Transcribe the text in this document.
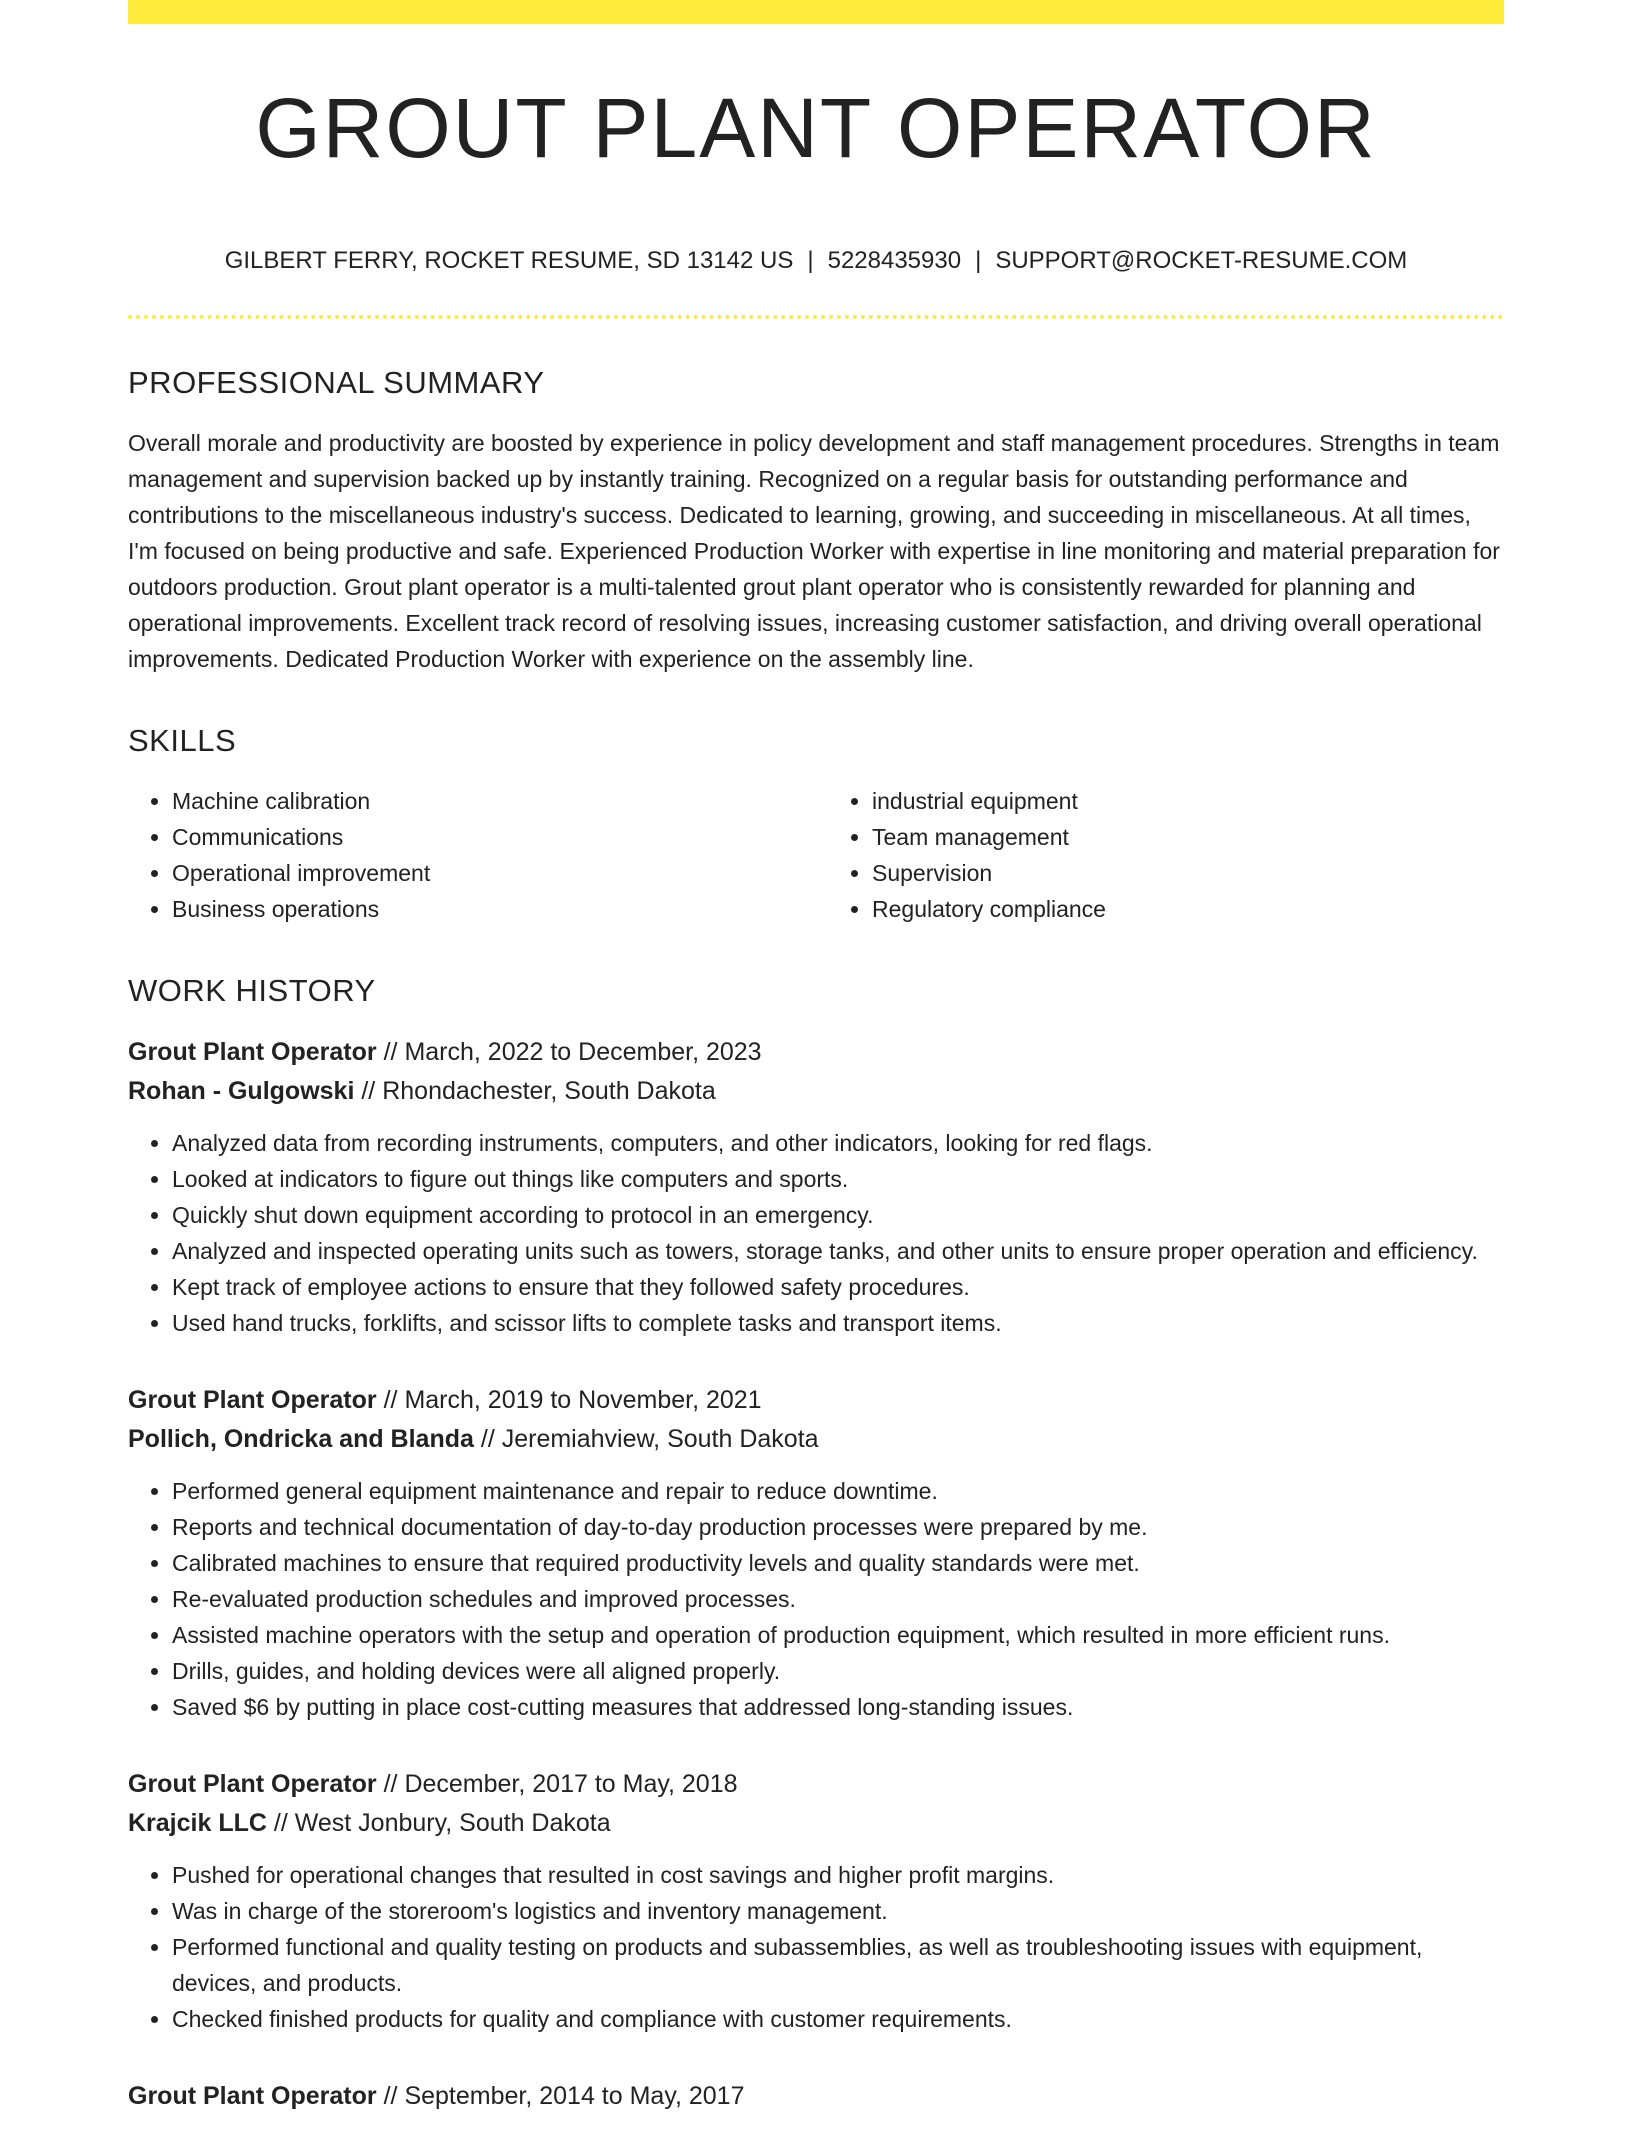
GROUT PLANT OPERATOR
GILBERT FERRY, ROCKET RESUME, SD 13142 US | 5228435930 | SUPPORT@ROCKET-RESUME.COM
PROFESSIONAL SUMMARY

Overall morale and productivity are boosted by experience in policy development and staff management procedures. Strengths in team management and supervision backed up by instantly training. Recognized on a regular basis for outstanding performance and contributions to the miscellaneous industry's success. Dedicated to learning, growing, and succeeding in miscellaneous. At all times, I'm focused on being productive and safe. Experienced Production Worker with expertise in line monitoring and material preparation for outdoors production. Grout plant operator is a multi-talented grout plant operator who is consistently rewarded for planning and operational improvements. Excellent track record of resolving issues, increasing customer satisfaction, and driving overall operational improvements. Dedicated Production Worker with experience on the assembly line.

SKILLS
• Machine calibration
• Communications
• Operational improvement
• Business operations
• industrial equipment
• Team management
• Supervision
• Regulatory compliance
WORK HISTORY
Grout Plant Operator // March, 2022 to December, 2023
Rohan - Gulgowski // Rhondachester, South Dakota
• Analyzed data from recording instruments, computers, and other indicators, looking for red flags.
• Looked at indicators to figure out things like computers and sports.
• Quickly shut down equipment according to protocol in an emergency.
• Analyzed and inspected operating units such as towers, storage tanks, and other units to ensure proper operation and efficiency.
• Kept track of employee actions to ensure that they followed safety procedures.
• Used hand trucks, forklifts, and scissor lifts to complete tasks and transport items.
Grout Plant Operator // March, 2019 to November, 2021
Pollich, Ondricka and Blanda // Jeremiahview, South Dakota
• Performed general equipment maintenance and repair to reduce downtime.
• Reports and technical documentation of day-to-day production processes were prepared by me.
• Calibrated machines to ensure that required productivity levels and quality standards were met.
• Re-evaluated production schedules and improved processes.
• Assisted machine operators with the setup and operation of production equipment, which resulted in more efficient runs.
• Drills, guides, and holding devices were all aligned properly.
• Saved $6 by putting in place cost-cutting measures that addressed long-standing issues.
Grout Plant Operator // December, 2017 to May, 2018
Krajcik LLC // West Jonbury, South Dakota
• Pushed for operational changes that resulted in cost savings and higher profit margins.
• Was in charge of the storeroom's logistics and inventory management.
• Performed functional and quality testing on products and subassemblies, as well as troubleshooting issues with equipment, devices, and products.
• Checked finished products for quality and compliance with customer requirements.
Grout Plant Operator // September, 2014 to May, 2017
